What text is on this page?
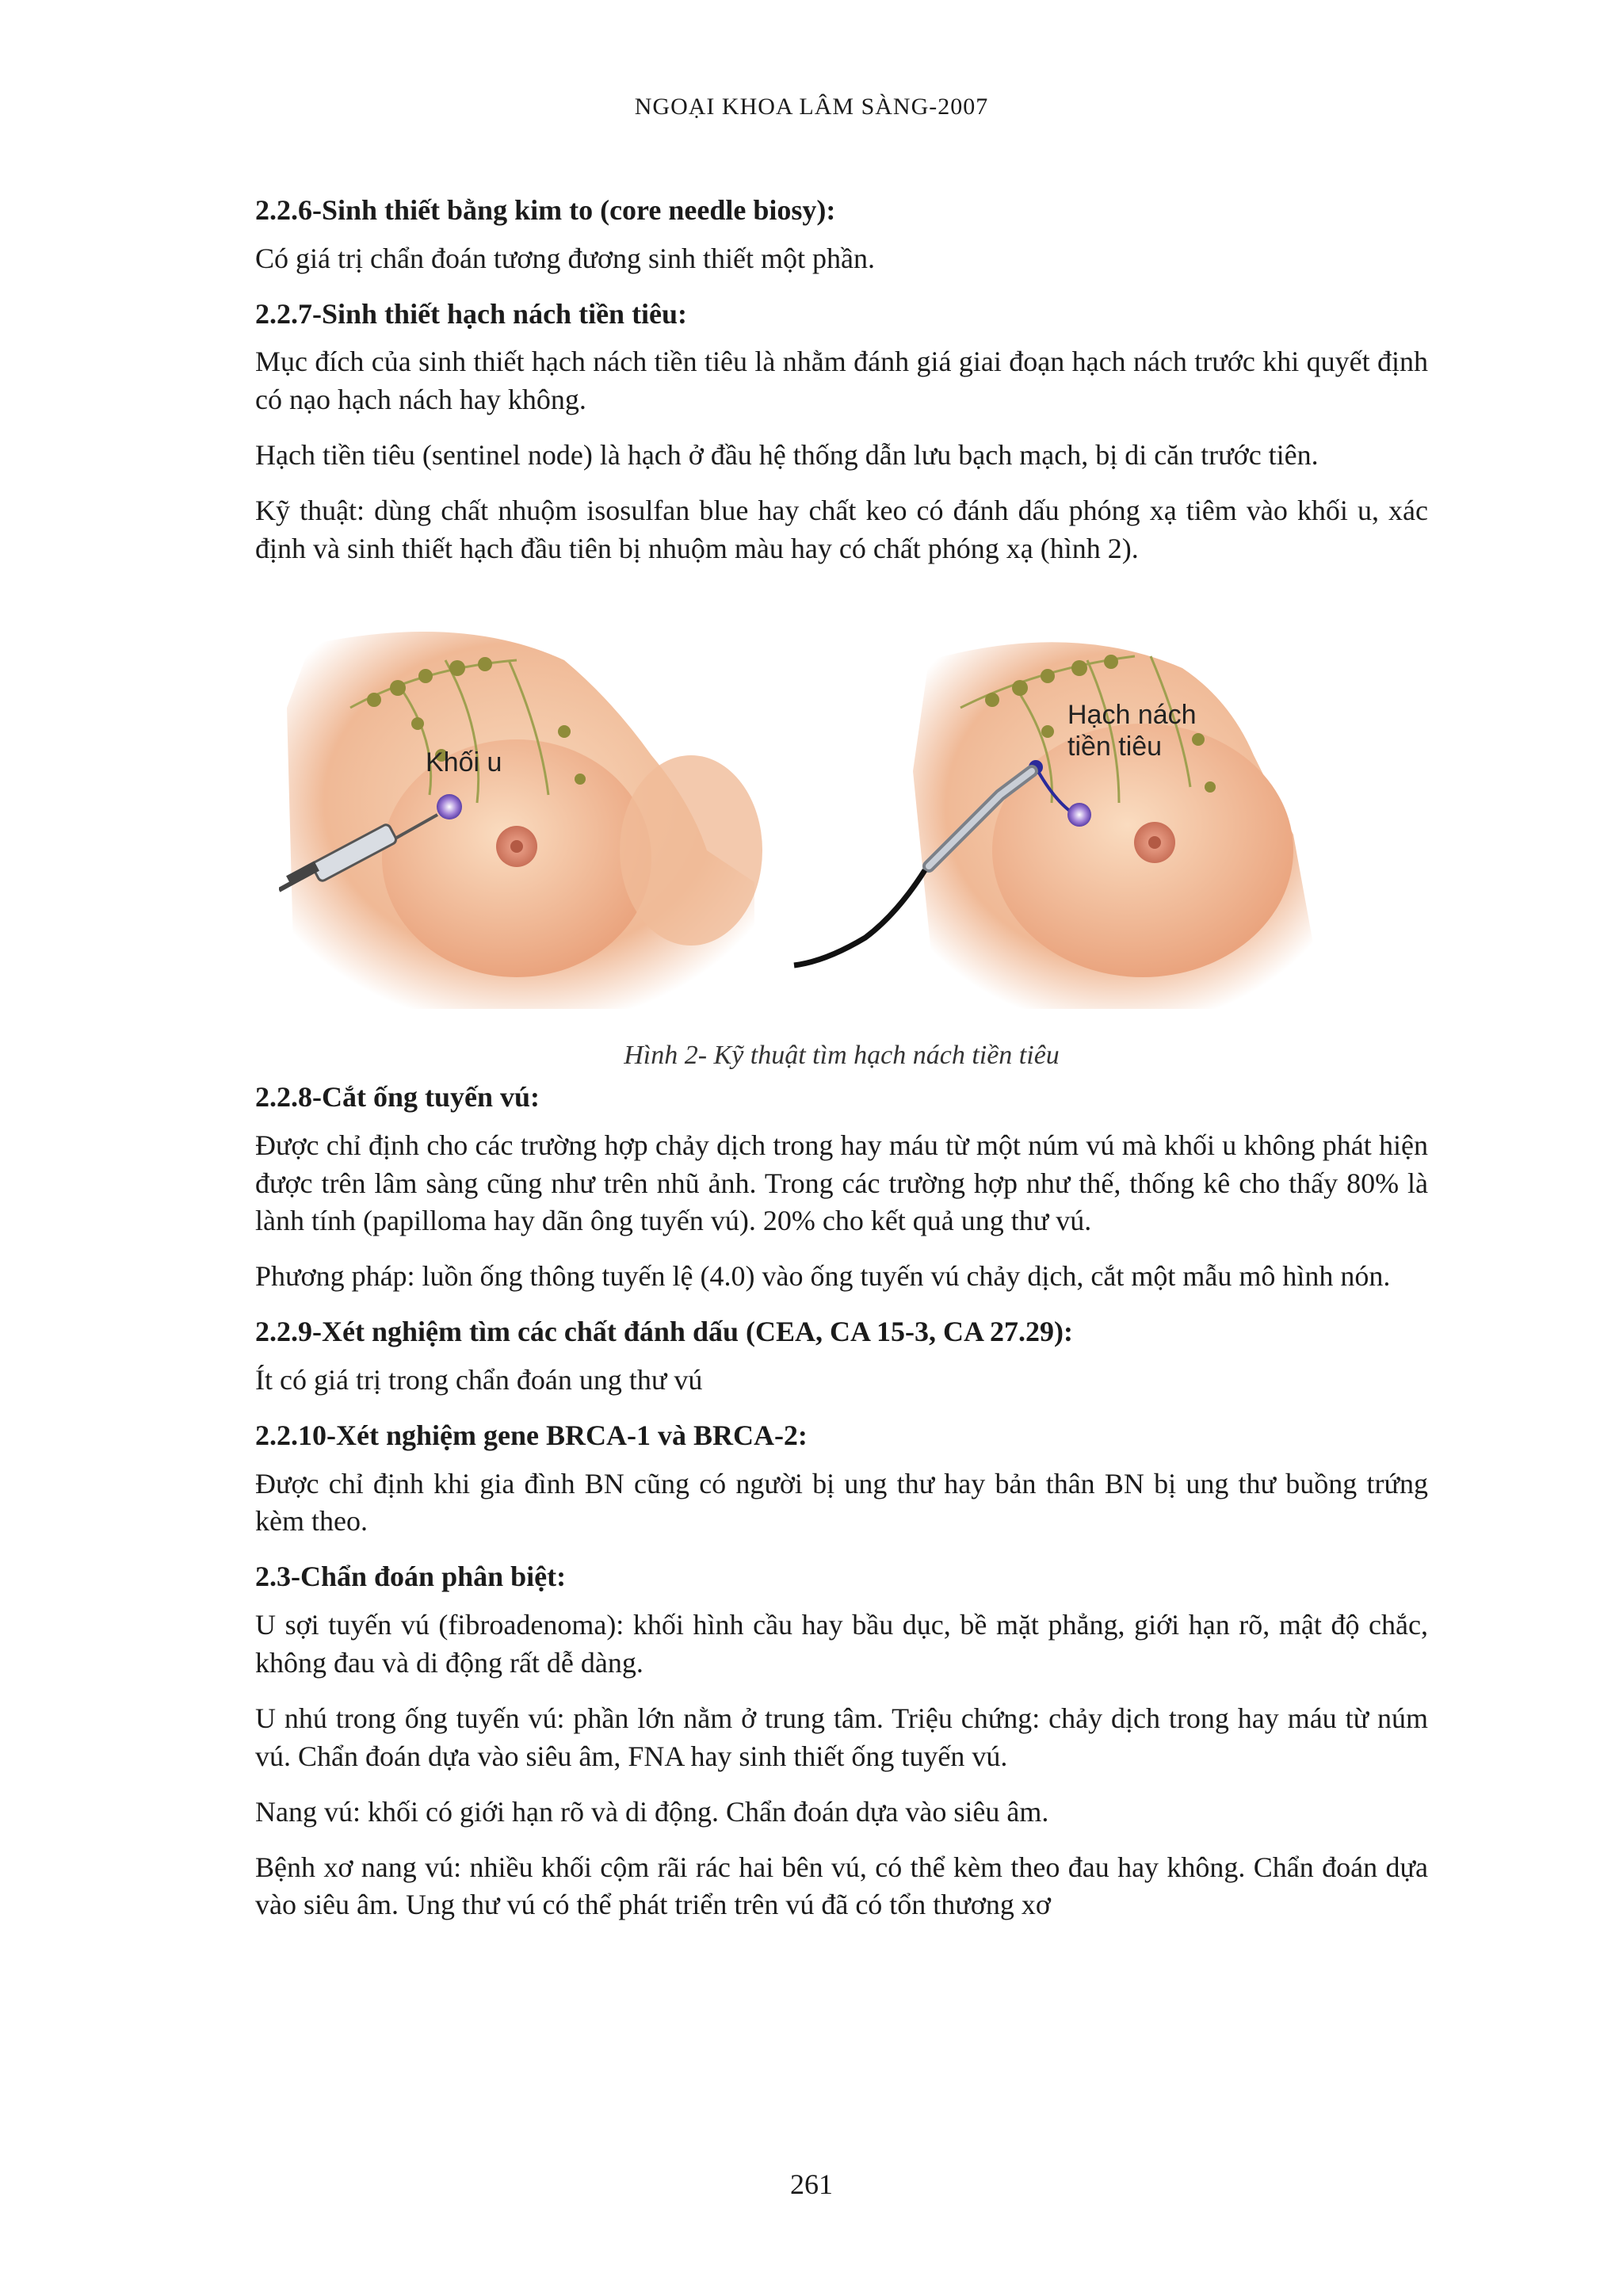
NGOẠI KHOA LÂM SÀNG-2007
2.2.6-Sinh thiết bằng kim to (core needle biosy):

Có giá trị chẩn đoán tương đương sinh thiết một phần.

2.2.7-Sinh thiết hạch nách tiền tiêu:

Mục đích của sinh thiết hạch nách tiền tiêu là nhằm đánh giá giai đoạn hạch nách trước khi quyết định có nạo hạch nách hay không.

Hạch tiền tiêu (sentinel node) là hạch ở đầu hệ thống dẫn lưu bạch mạch, bị di căn trước tiên.

Kỹ thuật: dùng chất nhuộm isosulfan blue hay chất keo có đánh dấu phóng xạ tiêm vào khối u, xác định và sinh thiết hạch đầu tiên bị nhuộm màu hay có chất phóng xạ (hình 2).

Khối u
Hạch nách
tiền tiêu
Hình 2- Kỹ thuật tìm hạch nách tiền tiêu
2.2.8-Cắt ống tuyến vú:

Được chỉ định cho các trường hợp chảy dịch trong hay máu từ một núm vú mà khối u không phát hiện được trên lâm sàng cũng như trên nhũ ảnh. Trong các trường hợp như thế, thống kê cho thấy 80% là lành tính (papilloma hay dãn ông tuyến vú). 20% cho kết quả ung thư vú.

Phương pháp: luồn ống thông tuyến lệ (4.0) vào ống tuyến vú chảy dịch, cắt một mẫu mô hình nón.

2.2.9-Xét nghiệm tìm các chất đánh dấu (CEA, CA 15-3, CA 27.29):

Ít có giá trị trong chẩn đoán ung thư vú

2.2.10-Xét nghiệm gene BRCA-1 và BRCA-2:

Được chỉ định khi gia đình BN cũng có người bị ung thư hay bản thân BN bị ung thư buồng trứng kèm theo.

2.3-Chẩn đoán phân biệt:

U sợi tuyến vú (fibroadenoma): khối hình cầu hay bầu dục, bề mặt phẳng, giới hạn rõ, mật độ chắc, không đau và di động rất dễ dàng.

U nhú trong ống tuyến vú: phần lớn nằm ở trung tâm. Triệu chứng: chảy dịch trong hay máu từ núm vú. Chẩn đoán dựa vào siêu âm, FNA hay sinh thiết ống tuyến vú.

Nang vú: khối có giới hạn rõ và di động. Chẩn đoán dựa vào siêu âm.

Bệnh xơ nang vú: nhiều khối cộm rãi rác hai bên vú, có thể kèm theo đau hay không. Chẩn đoán dựa vào siêu âm. Ung thư vú có thể phát triển trên vú đã có tổn thương xơ

261
